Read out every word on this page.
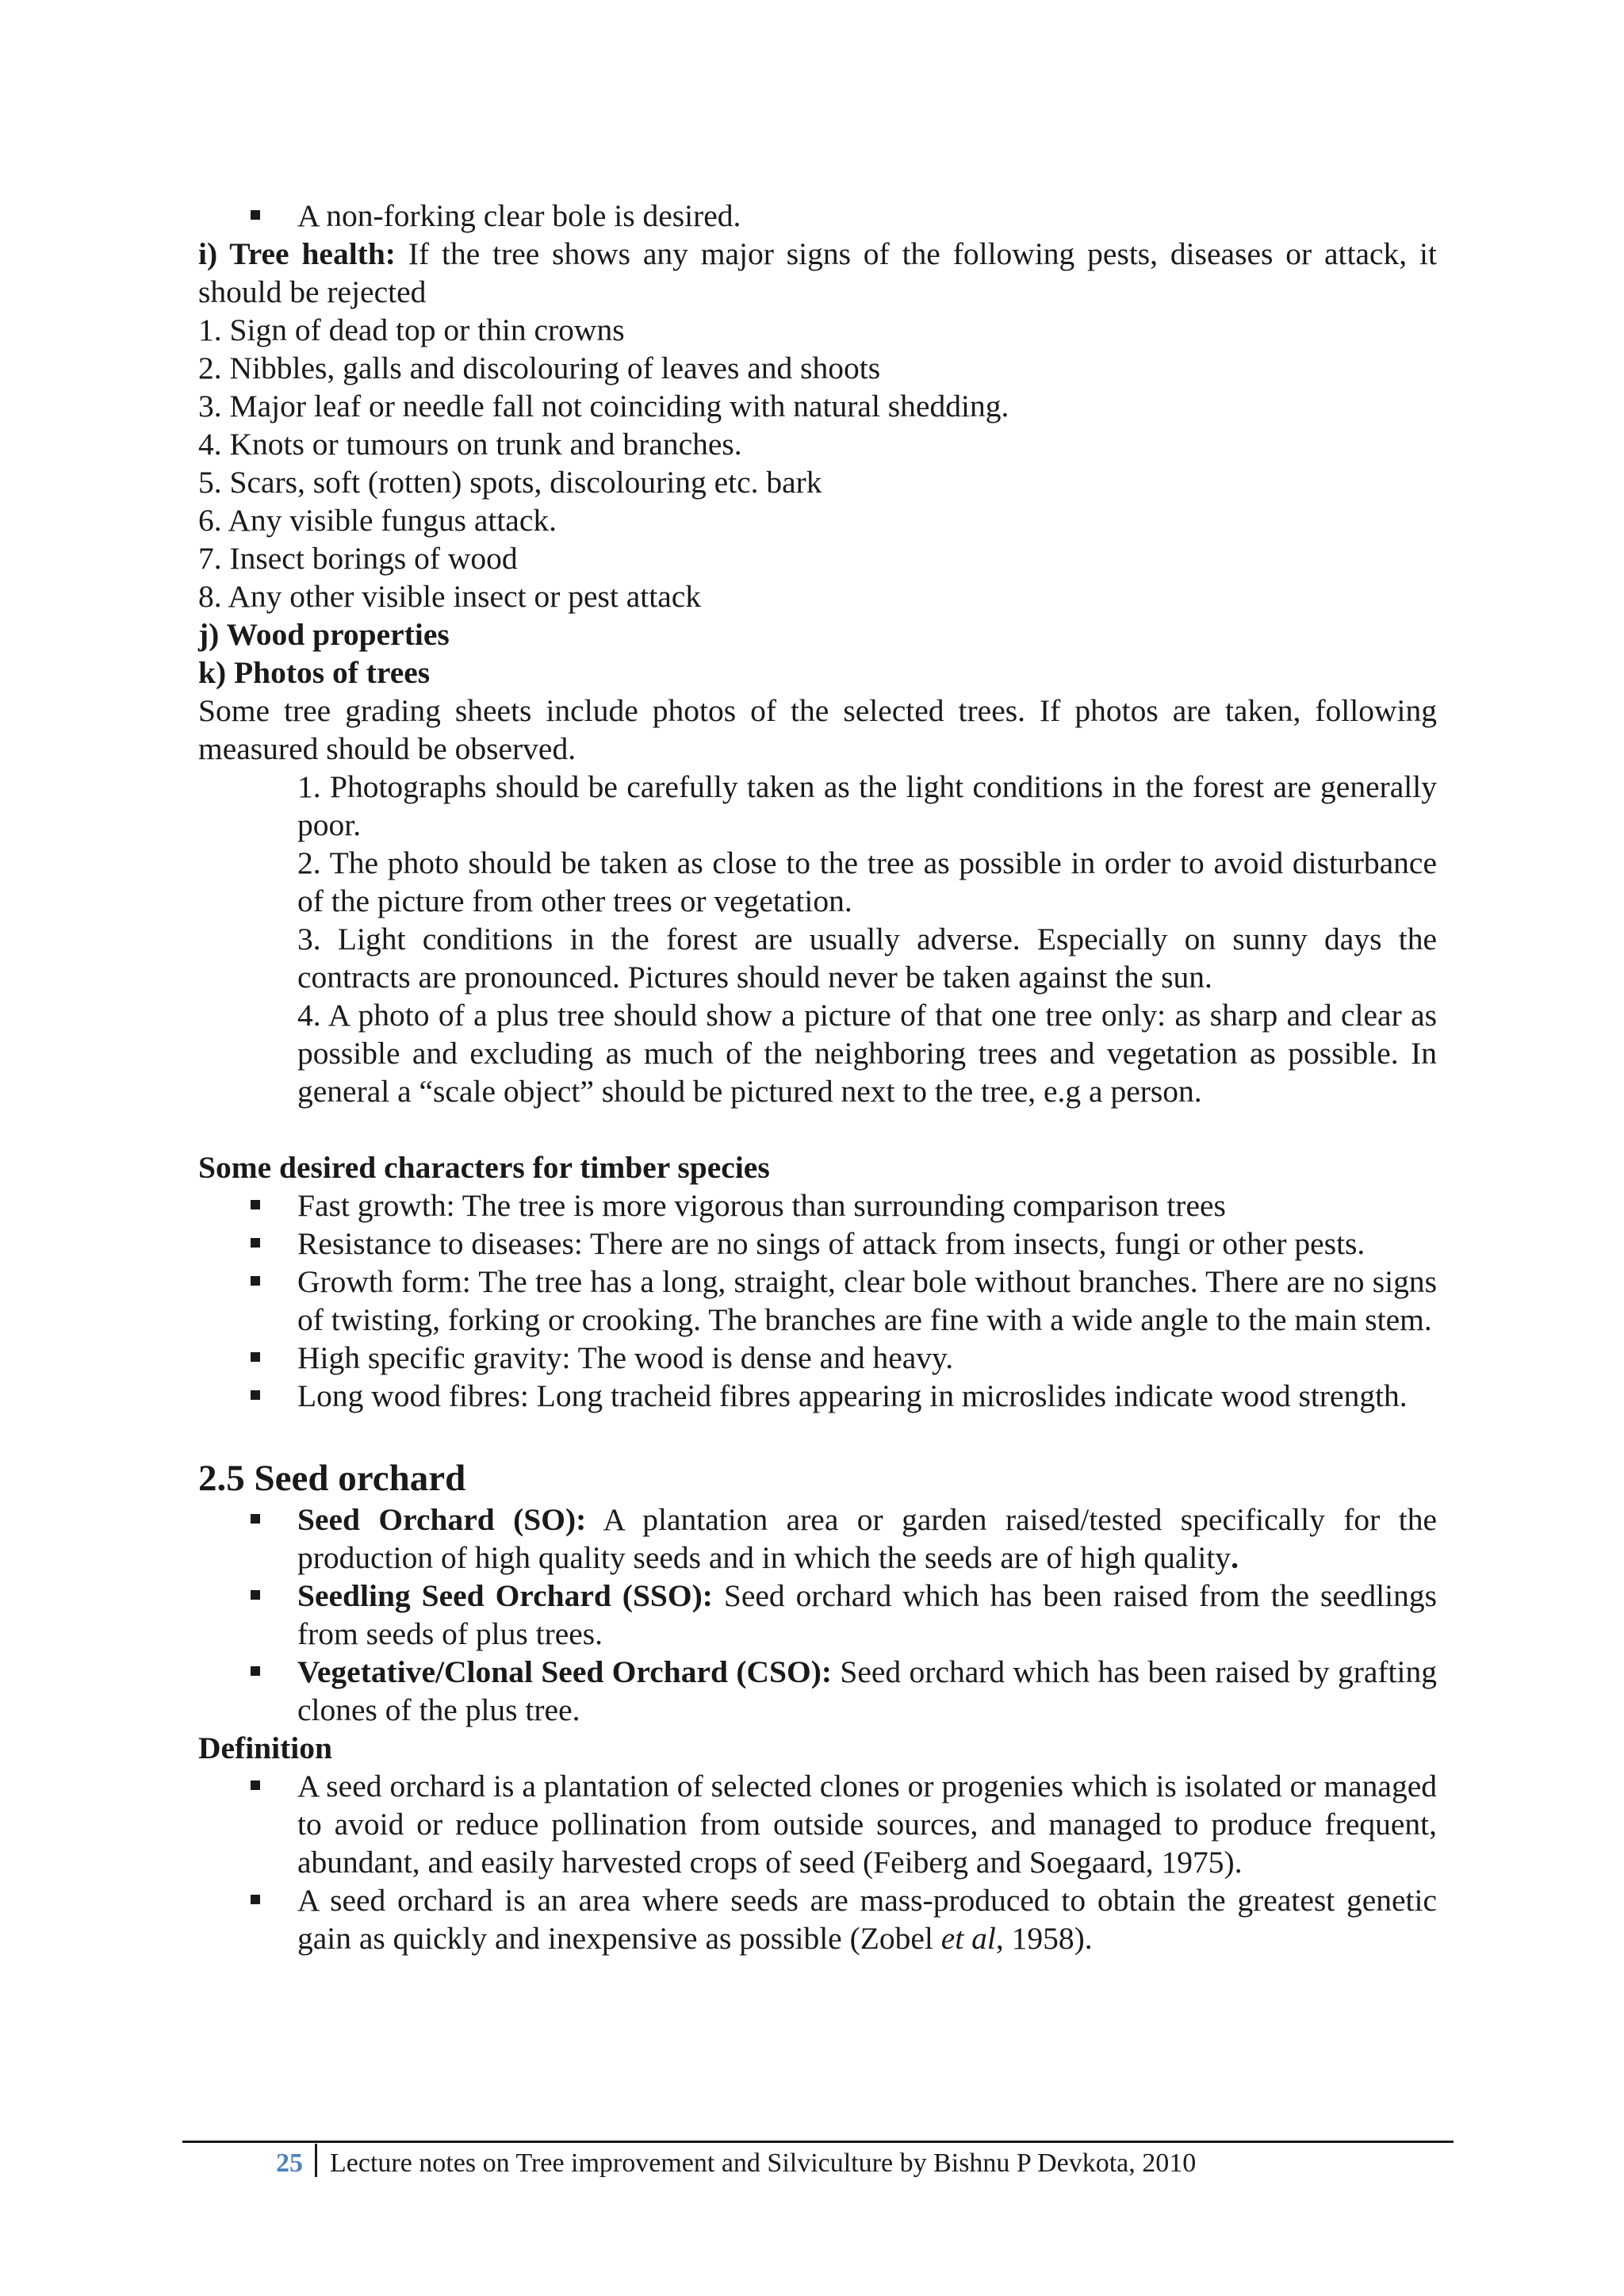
A non-forking clear bole is desired.

i) Tree health: If the tree shows any major signs of the following pests, diseases or attack, it should be rejected

1. Sign of dead top or thin crowns

2. Nibbles, galls and discolouring of leaves and shoots

3. Major leaf or needle fall not coinciding with natural shedding.

4. Knots or tumours on trunk and branches.

5. Scars, soft (rotten) spots, discolouring etc. bark

6. Any visible fungus attack.

7. Insect borings of wood

8. Any other visible insect or pest attack

j) Wood properties

k) Photos of trees

Some tree grading sheets include photos of the selected trees. If photos are taken, following measured should be observed.

1. Photographs should be carefully taken as the light conditions in the forest are generally poor.

2. The photo should be taken as close to the tree as possible in order to avoid disturbance of the picture from other trees or vegetation.

3. Light conditions in the forest are usually adverse. Especially on sunny days the contracts are pronounced. Pictures should never be taken against the sun.

4. A photo of a plus tree should show a picture of that one tree only: as sharp and clear as possible and excluding as much of the neighboring trees and vegetation as possible. In general a “scale object” should be pictured next to the tree, e.g a person.

Some desired characters for timber species

Fast growth: The tree is more vigorous than surrounding comparison trees
Resistance to diseases: There are no sings of attack from insects, fungi or other pests.
Growth form: The tree has a long, straight, clear bole without branches. There are no signs of twisting, forking or crooking. The branches are fine with a wide angle to the main stem.
High specific gravity: The wood is dense and heavy.
Long wood fibres: Long tracheid fibres appearing in microslides indicate wood strength.

2.5 Seed orchard

Seed Orchard (SO): A plantation area or garden raised/tested specifically for the production of high quality seeds and in which the seeds are of high quality.
Seedling Seed Orchard (SSO): Seed orchard which has been raised from the seedlings from seeds of plus trees.
Vegetative/Clonal Seed Orchard (CSO): Seed orchard which has been raised by grafting clones of the plus tree.

Definition

A seed orchard is a plantation of selected clones or progenies which is isolated or managed to avoid or reduce pollination from outside sources, and managed to produce frequent, abundant, and easily harvested crops of seed (Feiberg and Soegaard, 1975).
A seed orchard is an area where seeds are mass-produced to obtain the greatest genetic gain as quickly and inexpensive as possible (Zobel et al, 1958).
25 Lecture notes on Tree improvement and Silviculture by Bishnu P Devkota, 2010
